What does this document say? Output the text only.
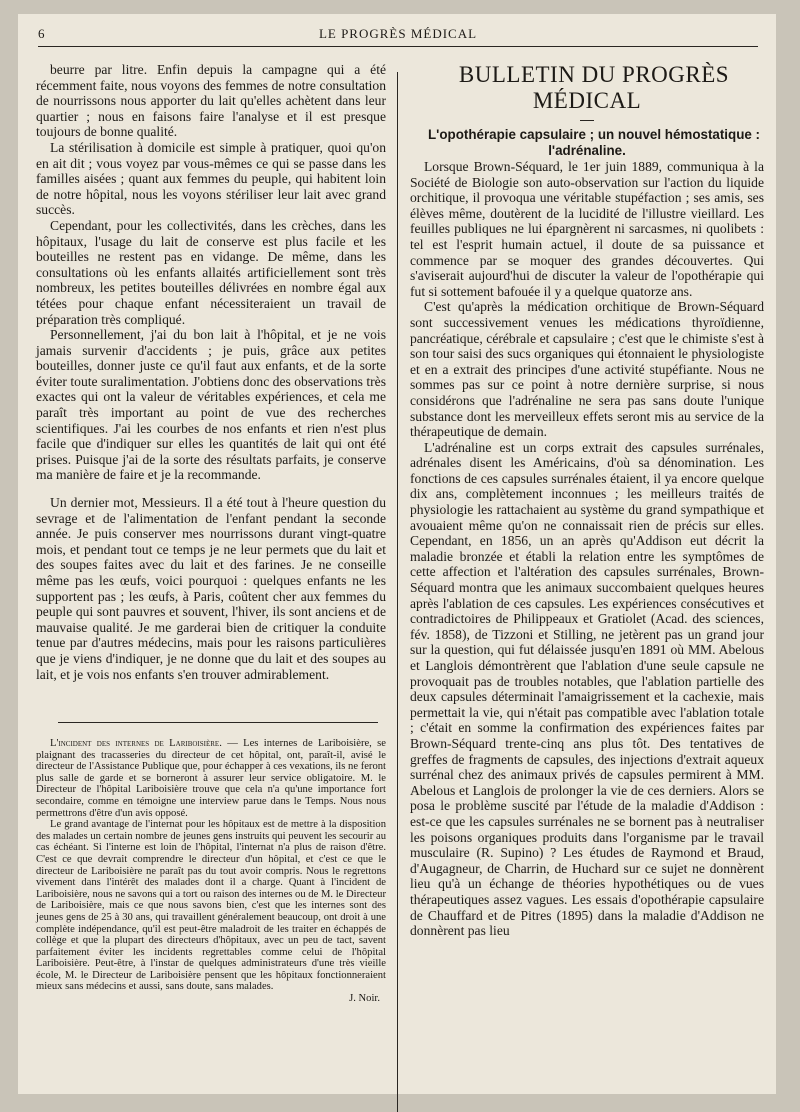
LE PROGRÈS MÉDICAL
6

beurre par litre. Enfin depuis la campagne qui a été récemment faite, nous voyons des femmes de notre consultation de nourrissons nous apporter du lait qu'elles achètent dans leur quartier ; nous en faisons faire l'analyse et il est presque toujours de bonne qualité.

La stérilisation à domicile est simple à pratiquer, quoi qu'on en ait dit ; vous voyez par vous-mêmes ce qui se passe dans les familles aisées ; quant aux femmes du peuple, qui habitent loin de notre hôpital, nous les voyons stériliser leur lait avec grand succès.

Cependant, pour les collectivités, dans les crèches, dans les hôpitaux, l'usage du lait de conserve est plus facile et les bouteilles ne restent pas en vidange. De même, dans les consultations où les enfants allaités artificiellement sont très nombreux, les petites bouteilles délivrées en nombre égal aux tétées pour chaque enfant nécessiteraient un travail de préparation très compliqué.

Personnellement, j'ai du bon lait à l'hôpital, et je ne vois jamais survenir d'accidents ; je puis, grâce aux petites bouteilles, donner juste ce qu'il faut aux enfants, et de la sorte éviter toute suralimentation. J'obtiens donc des observations très exactes qui ont la valeur de véritables expériences, et cela me paraît très important au point de vue des recherches scientifiques. J'ai les courbes de nos enfants et rien n'est plus facile que d'indiquer sur elles les quantités de lait qui ont été prises. Puisque j'ai de la sorte des résultats parfaits, je conserve ma manière de faire et je la recommande.

Un dernier mot, Messieurs. Il a été tout à l'heure question du sevrage et de l'alimentation de l'enfant pendant la seconde année. Je puis conserver mes nourrissons durant vingt-quatre mois, et pendant tout ce temps je ne leur permets que du lait et des soupes faites avec du lait et des farines. Je ne conseille même pas les œufs, voici pourquoi : quelques enfants ne les supportent pas ; les œufs, à Paris, coûtent cher aux femmes du peuple qui sont pauvres et souvent, l'hiver, ils sont anciens et de mauvaise qualité. Je me garderai bien de critiquer la conduite tenue par d'autres médecins, mais pour les raisons particulières que je viens d'indiquer, je ne donne que du lait et des soupes au lait, et je vois nos enfants s'en trouver admirablement.

L'incident des internes de Lariboisière. — Les internes de Lariboisière, se plaignant des tracasseries du directeur de cet hôpital, ont, paraît-il, avisé le directeur de l'Assistance Publique que, pour échapper à ces vexations, ils ne feront plus salle de garde et se borneront à assurer leur service obligatoire. M. le Directeur de l'hôpital Lariboisière trouve que cela n'a qu'une importance fort secondaire, comme en témoigne une interview parue dans le Temps. Nous nous permettrons d'être d'un avis opposé.

Le grand avantage de l'internat pour les hôpitaux est de mettre à la disposition des malades un certain nombre de jeunes gens instruits qui peuvent les secourir au cas échéant. Si l'interne est loin de l'hôpital, l'internat n'a plus de raison d'être. C'est ce que devrait comprendre le directeur d'un hôpital, et c'est ce que le directeur de Lariboisière ne paraît pas du tout avoir compris. Nous le regrettons vivement dans l'intérêt des malades dont il a charge. Quant à l'incident de Lariboisière, nous ne savons qui a tort ou raison des internes ou de M. le Directeur de Lariboisière, mais ce que nous savons bien, c'est que les internes sont des jeunes gens de 25 à 30 ans, qui travaillent généralement beaucoup, ont droit à une complète indépendance, qu'il est peut-être maladroit de les traiter en échappés de collège et que la plupart des directeurs d'hôpitaux, avec un peu de tact, savent parfaitement éviter les incidents regrettables comme celui de l'hôpital Lariboisière. Peut-être, à l'instar de quelques administrateurs d'une très vieille école, M. le Directeur de Lariboisière pensent que les hôpitaux fonctionneraient mieux sans médecins et aussi, sans doute, sans malades.

J. Noir.

BULLETIN DU PROGRÈS MÉDICAL

L'opothérapie capsulaire ; un nouvel hémostatique : l'adrénaline.

Lorsque Brown-Séquard, le 1er juin 1889, communiqua à la Société de Biologie son auto-observation sur l'action du liquide orchitique, il provoqua une véritable stupéfaction ; ses amis, ses élèves même, doutèrent de la lucidité de l'illustre vieillard. Les feuilles publiques ne lui épargnèrent ni sarcasmes, ni quolibets : tel est l'esprit humain actuel, il doute de sa puissance et commence par se moquer des grandes découvertes. Qui s'aviserait aujourd'hui de discuter la valeur de l'opothérapie qui fut si sottement bafouée il y a quelque quatorze ans.

C'est qu'après la médication orchitique de Brown-Séquard sont successivement venues les médications thyroïdienne, pancréatique, cérébrale et capsulaire ; c'est que le chimiste s'est à son tour saisi des sucs organiques qui étonnaient le physiologiste et en a extrait des principes d'une activité stupéfiante. Nous ne sommes pas sur ce point à notre dernière surprise, si nous considérons que l'adrénaline ne sera pas sans doute l'unique substance dont les merveilleux effets seront mis au service de la thérapeutique de demain.

L'adrénaline est un corps extrait des capsules surrénales, adrénales disent les Américains, d'où sa dénomination. Les fonctions de ces capsules surrénales étaient, il ya encore quelque dix ans, complètement inconnues ; les meilleurs traités de physiologie les rattachaient au système du grand sympathique et avouaient même qu'on ne connaissait rien de précis sur elles. Cependant, en 1856, un an après qu'Addison eut décrit la maladie bronzée et établi la relation entre les symptômes de cette affection et l'altération des capsules surrénales, Brown-Séquard montra que les animaux succombaient quelques heures après l'ablation de ces capsules. Les expériences consécutives et contradictoires de Philippeaux et Gratiolet (Acad. des sciences, fév. 1858), de Tizzoni et Stilling, ne jetèrent pas un grand jour sur la question, qui fut délaissée jusqu'en 1891 où MM. Abelous et Langlois démontrèrent que l'ablation d'une seule capsule ne provoquait pas de troubles notables, que l'ablation partielle des deux capsules déterminait l'amaigrissement et la cachexie, mais permettait la vie, qui n'était pas compatible avec l'ablation totale ; c'était en somme la confirmation des expériences faites par Brown-Séquard trente-cinq ans plus tôt. Des tentatives de greffes de fragments de capsules, des injections d'extrait aqueux surrénal chez des animaux privés de capsules permirent à MM. Abelous et Langlois de prolonger la vie de ces derniers. Alors se posa le problème suscité par l'étude de la maladie d'Addison : est-ce que les capsules surrénales ne se bornent pas à neutraliser les poisons organiques produits dans l'organisme par le travail musculaire (R. Supino) ? Les études de Raymond et Braud, d'Augagneur, de Charrin, de Huchard sur ce sujet ne donnèrent lieu qu'à un échange de théories hypothétiques ou de vues thérapeutiques assez vagues. Les essais d'opothérapie capsulaire de Chauffard et de Pitres (1895) dans la maladie d'Addison ne donnèrent pas lieu
